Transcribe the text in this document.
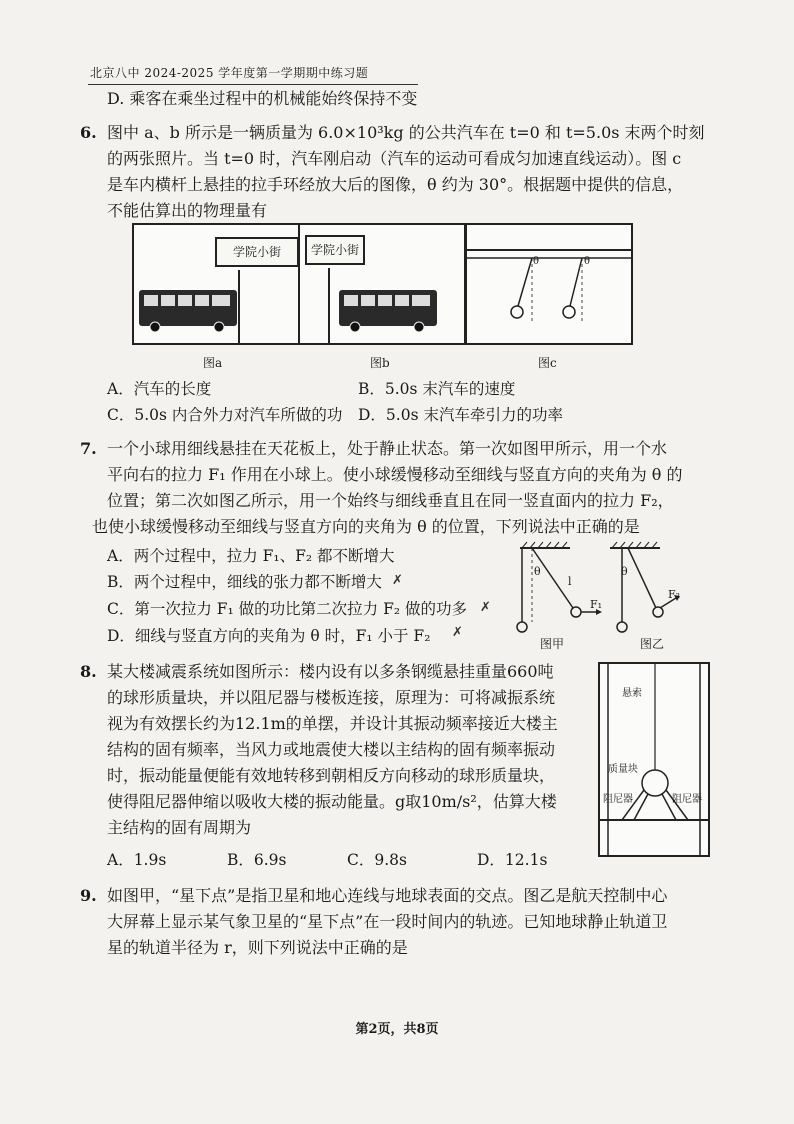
北京八中 2024-2025 学年度第一学期期中练习题
D. 乘客在乘坐过程中的机械能始终保持不变
6. 图中 a、b 所示是一辆质量为 6.0×10³kg 的公共汽车在 t=0 和 t=5.0s 末两个时刻
的两张照片。当 t=0 时，汽车刚启动（汽车的运动可看成匀加速直线运动）。图 c
是车内横杆上悬挂的拉手环经放大后的图像，θ 约为 30°。根据题中提供的信息，
不能估算出的物理量有
学院小街
图a
学院小街
图b
θ	θ
图c
A．汽车的长度	B．5.0s 末汽车的速度
C．5.0s 内合外力对汽车所做的功 D．5.0s 末汽车牵引力的功率
7. 一个小球用细线悬挂在天花板上，处于静止状态。第一次如图甲所示，用一个水
平向右的拉力 F₁ 作用在小球上。使小球缓慢移动至细线与竖直方向的夹角为 θ 的
位置；第二次如图乙所示，用一个始终与细线垂直且在同一竖直面内的拉力 F₂，
也使小球缓慢移动至细线与竖直方向的夹角为 θ 的位置，下列说法中正确的是
A．两个过程中，拉力 F₁、F₂ 都不断增大
B．两个过程中，细线的张力都不断增大 ✗
C．第一次拉力 F₁ 做的功比第二次拉力 F₂ 做的功多 ✗
D．细线与竖直方向的夹角为 θ 时，F₁ 小于 F₂ ✗
θ
l
F₁
θ
F₂
图甲	图乙
8. 某大楼减震系统如图所示：楼内设有以多条钢缆悬挂重量660吨
的球形质量块，并以阻尼器与楼板连接，原理为：可将减振系统
视为有效摆长约为12.1m的单摆，并设计其振动频率接近大楼主
结构的固有频率，当风力或地震使大楼以主结构的固有频率振动
时，振动能量便能有效地转移到朝相反方向移动的球形质量块，
使得阻尼器伸缩以吸收大楼的振动能量。g取10m/s²，估算大楼
主结构的固有周期为
悬索
质量块
阻尼器	阻尼器
A．1.9s	B．6.9s	C．9.8s	D．12.1s
9. 如图甲，“星下点”是指卫星和地心连线与地球表面的交点。图乙是航天控制中心
大屏幕上显示某气象卫星的“星下点”在一段时间内的轨迹。已知地球静止轨道卫
星的轨道半径为 r，则下列说法中正确的是
第2页，共8页
